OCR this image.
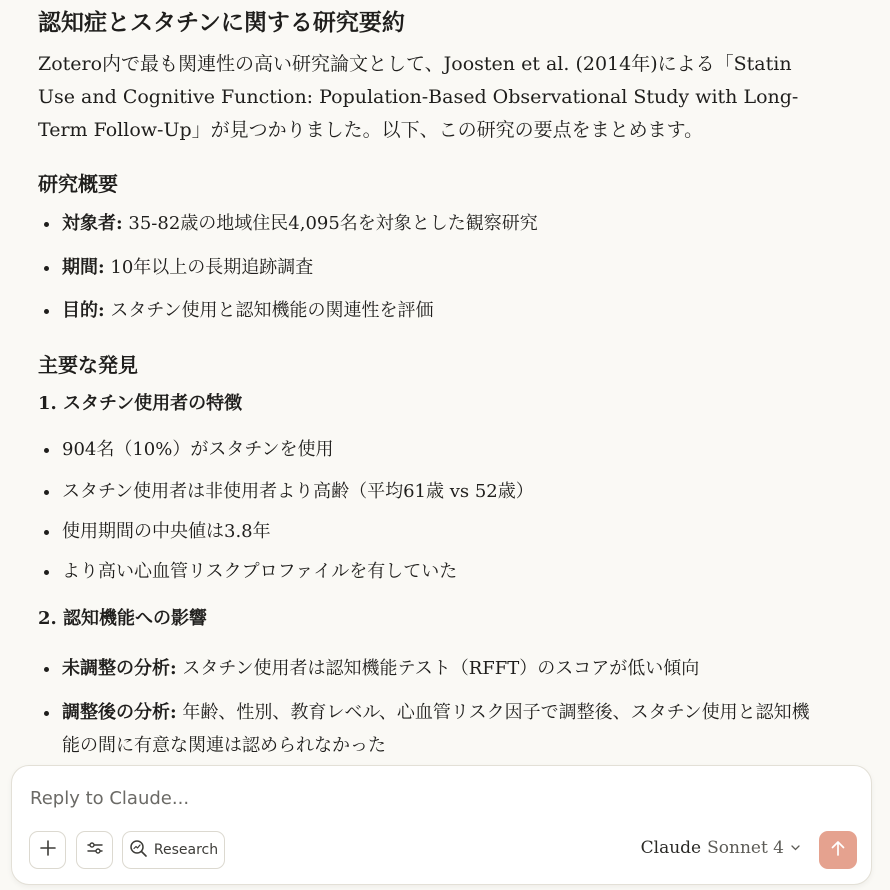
認知症とスタチンに関する研究要約

Zotero内で最も関連性の高い研究論文として、Joosten et al. (2014年)による「Statin Use and Cognitive Function: Population-Based Observational Study with Long-Term Follow-Up」が見つかりました。以下、この研究の要点をまとめます。

研究概要
対象者: 35-82歳の地域住民4,095名を対象とした観察研究
期間: 10年以上の長期追跡調査
目的: スタチン使用と認知機能の関連性を評価
主要な発見
1. スタチン使用者の特徴
904名（10%）がスタチンを使用
スタチン使用者は非使用者より高齢（平均61歳 vs 52歳）
使用期間の中央値は3.8年
より高い心血管リスクプロファイルを有していた
2. 認知機能への影響
未調整の分析: スタチン使用者は認知機能テスト（RFFT）のスコアが低い傾向
調整後の分析: 年齢、性別、教育レベル、心血管リスク因子で調整後、スタチン使用と認知機能の間に有意な関連は認められなかった
Reply to Claude...
Research	Claude Sonnet 4
